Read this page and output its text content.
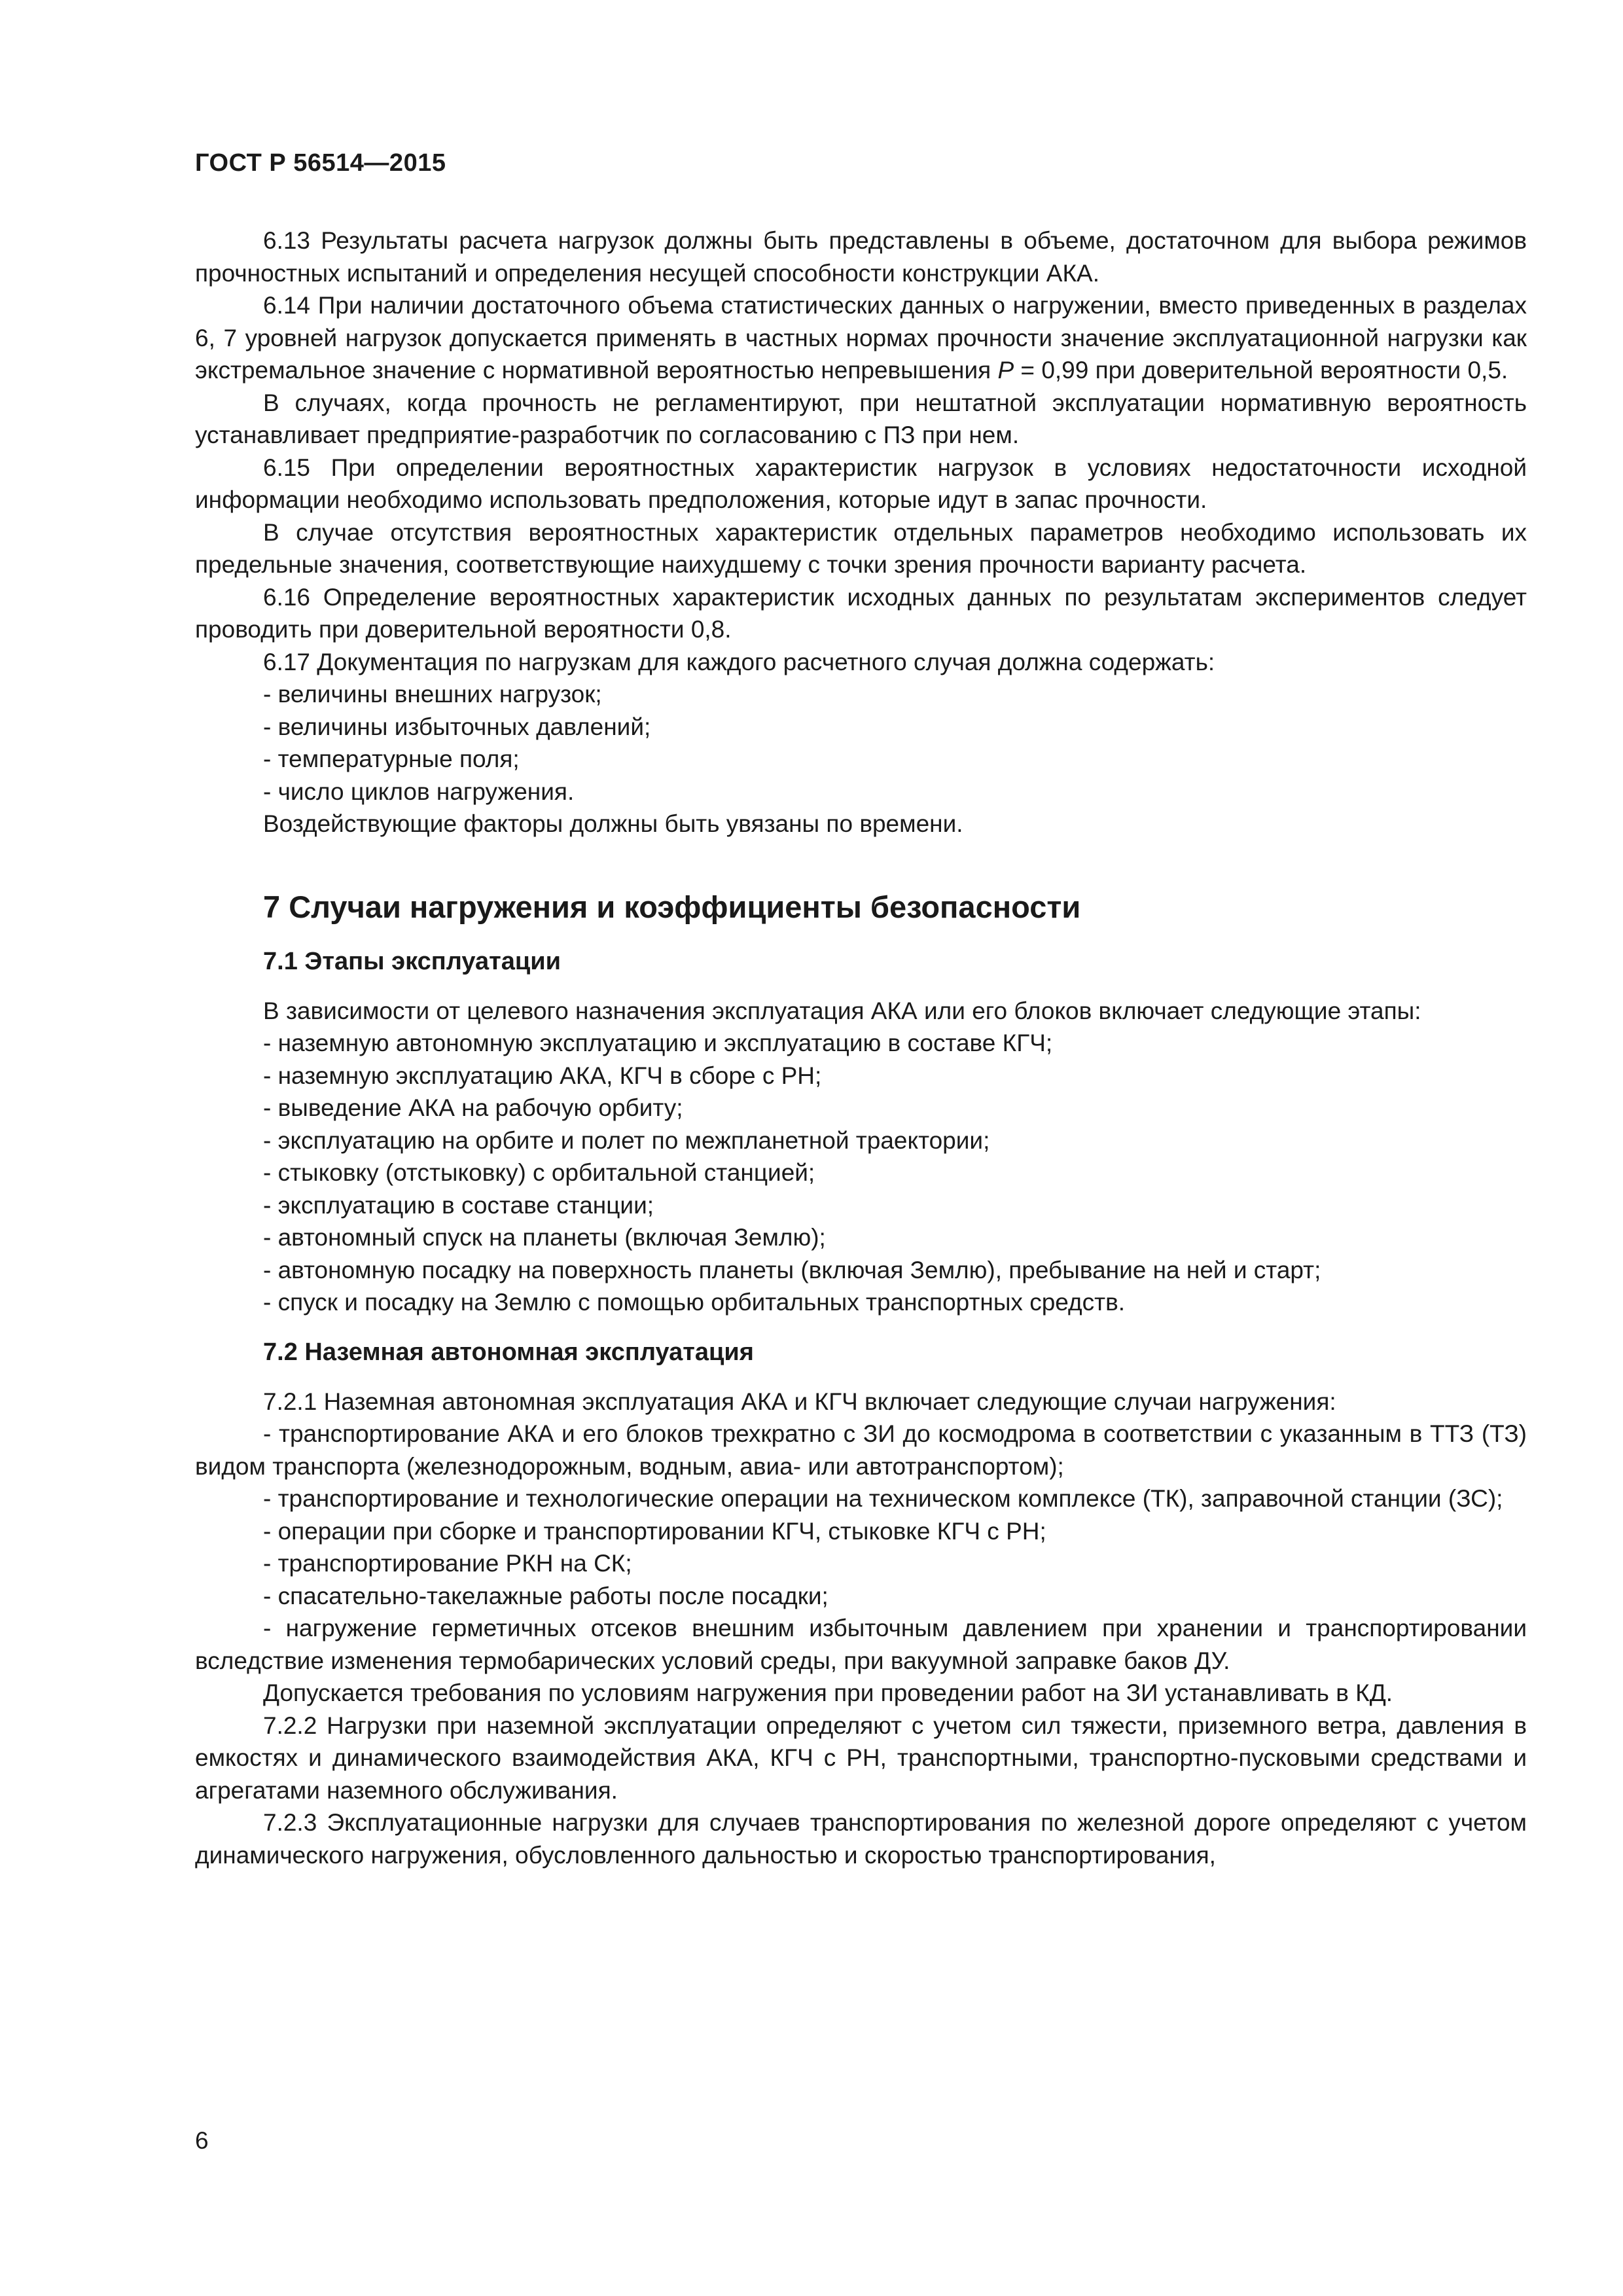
ГОСТ Р 56514—2015

6.13 Результаты расчета нагрузок должны быть представлены в объеме, достаточном для выбора режимов прочностных испытаний и определения несущей способности конструкции АКА.

6.14 При наличии достаточного объема статистических данных о нагружении, вместо приведенных в разделах 6, 7 уровней нагрузок допускается применять в частных нормах прочности значение эксплуатационной нагрузки как экстремальное значение с нормативной вероятностью непревышения P = 0,99 при доверительной вероятности 0,5.

В случаях, когда прочность не регламентируют, при нештатной эксплуатации нормативную вероятность устанавливает предприятие-разработчик по согласованию с ПЗ при нем.

6.15 При определении вероятностных характеристик нагрузок в условиях недостаточности исходной информации необходимо использовать предположения, которые идут в запас прочности.

В случае отсутствия вероятностных характеристик отдельных параметров необходимо использовать их предельные значения, соответствующие наихудшему с точки зрения прочности варианту расчета.

6.16 Определение вероятностных характеристик исходных данных по результатам экспериментов следует проводить при доверительной вероятности 0,8.

6.17 Документация по нагрузкам для каждого расчетного случая должна содержать:

- величины внешних нагрузок;

- величины избыточных давлений;

- температурные поля;

- число циклов нагружения.

Воздействующие факторы должны быть увязаны по времени.

7 Случаи нагружения и коэффициенты безопасности
7.1 Этапы эксплуатации

В зависимости от целевого назначения эксплуатация АКА или его блоков включает следующие этапы:

- наземную автономную эксплуатацию и эксплуатацию в составе КГЧ;

- наземную эксплуатацию АКА, КГЧ в сборе с РН;

- выведение АКА на рабочую орбиту;

- эксплуатацию на орбите и полет по межпланетной траектории;

- стыковку (отстыковку) с орбитальной станцией;

- эксплуатацию в составе станции;

- автономный спуск на планеты (включая Землю);

- автономную посадку на поверхность планеты (включая Землю), пребывание на ней и старт;

- спуск и посадку на Землю с помощью орбитальных транспортных средств.

7.2 Наземная автономная эксплуатация

7.2.1 Наземная автономная эксплуатация АКА и КГЧ включает следующие случаи нагружения:

- транспортирование АКА и его блоков трехкратно с ЗИ до космодрома в соответствии с указанным в ТТЗ (ТЗ) видом транспорта (железнодорожным, водным, авиа- или автотранспортом);

- транспортирование и технологические операции на техническом комплексе (ТК), заправочной станции (ЗС);

- операции при сборке и транспортировании КГЧ, стыковке КГЧ с РН;

- транспортирование РКН на СК;

- спасательно-такелажные работы после посадки;

- нагружение герметичных отсеков внешним избыточным давлением при хранении и транспортировании вследствие изменения термобарических условий среды, при вакуумной заправке баков ДУ.

Допускается требования по условиям нагружения при проведении работ на ЗИ устанавливать в КД.

7.2.2 Нагрузки при наземной эксплуатации определяют с учетом сил тяжести, приземного ветра, давления в емкостях и динамического взаимодействия АКА, КГЧ с РН, транспортными, транспортно-пусковыми средствами и агрегатами наземного обслуживания.

7.2.3 Эксплуатационные нагрузки для случаев транспортирования по железной дороге определяют с учетом динамического нагружения, обусловленного дальностью и скоростью транспортирования,

6
